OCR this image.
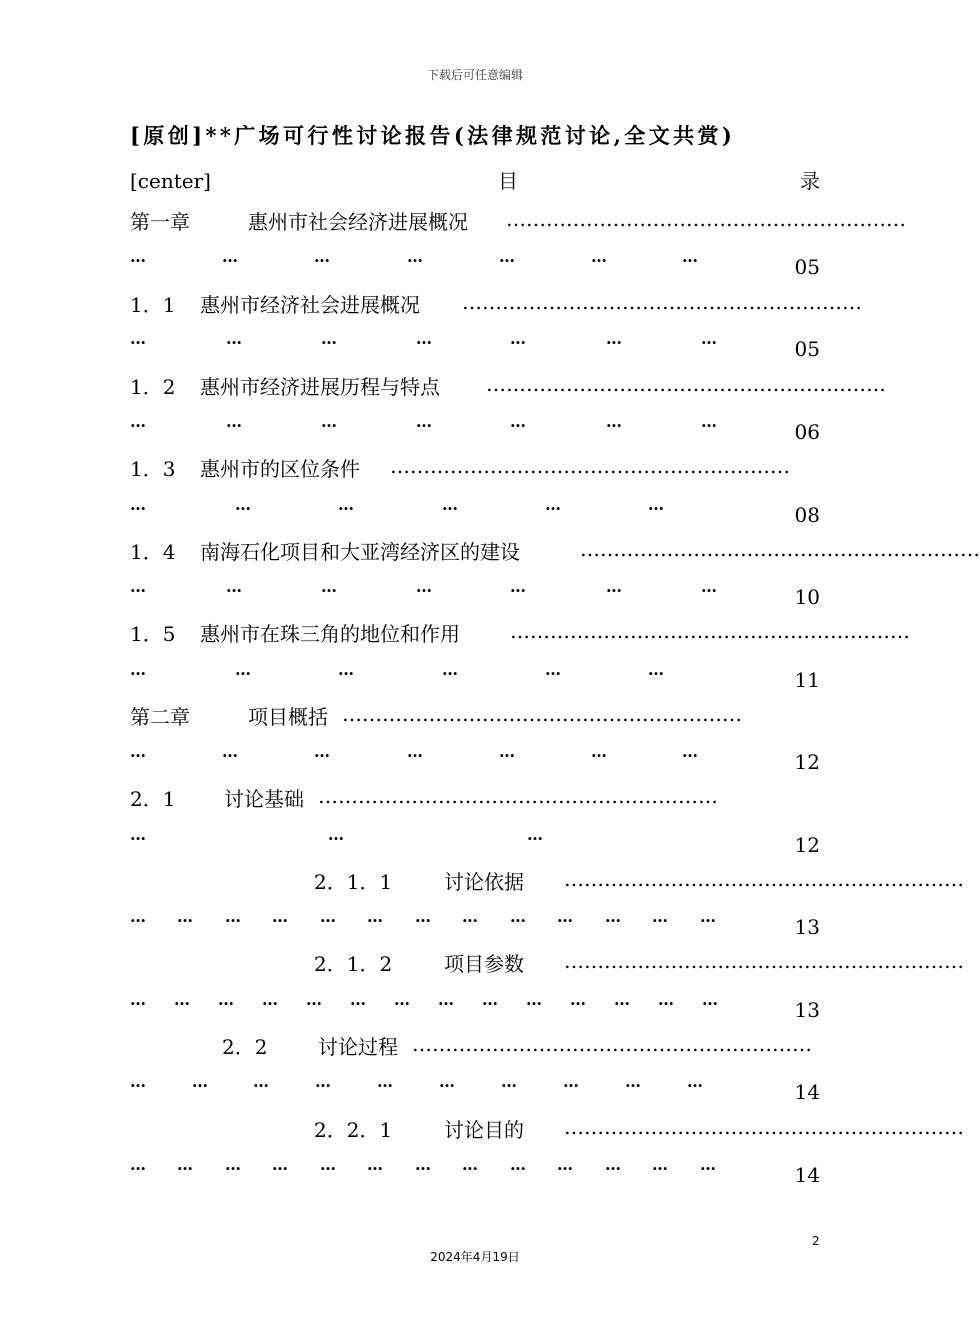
下载后可任意编辑
[原创]**广场可行性讨论报告(法律规范讨论,全文共赏)
[center]	目	录
第一章	惠州市社会经济进展概况 ……………………………………………………
…	…	…	…	…	…	…	05
1．1 惠州市经济社会进展概况 ……………………………………………………
…	…	…	…	…	…	…	05
1．2 惠州市经济进展历程与特点 ……………………………………………………
…	…	…	…	…	…	…	06
1．3 惠州市的区位条件 ……………………………………………………
…	…	…	…	…	…	08
1．4 南海石化项目和大亚湾经济区的建设	……………………………………………………
…	…	…	…	…	…	…	10
1．5 惠州市在珠三角的地位和作用	……………………………………………………
…	…	…	…	…	…	11
第二章	项目概括 ……………………………………………………
…	…	…	…	…	…	…	12
2．1 讨论基础 ……………………………………………………
…	…	…	12
2．1．1	讨论依据 ……………………………………………………
… … … … … … … … … … … … …	13
2．1．2	项目参数 ……………………………………………………
… … … … … … … … … … … … … …	13
2．2	讨论过程 ……………………………………………………
…	…	…	…	…	…	…	…	…	…	14
2．2．1	讨论目的 ……………………………………………………
… … … … … … … … … … … … …	14
2
2024年4月19日
